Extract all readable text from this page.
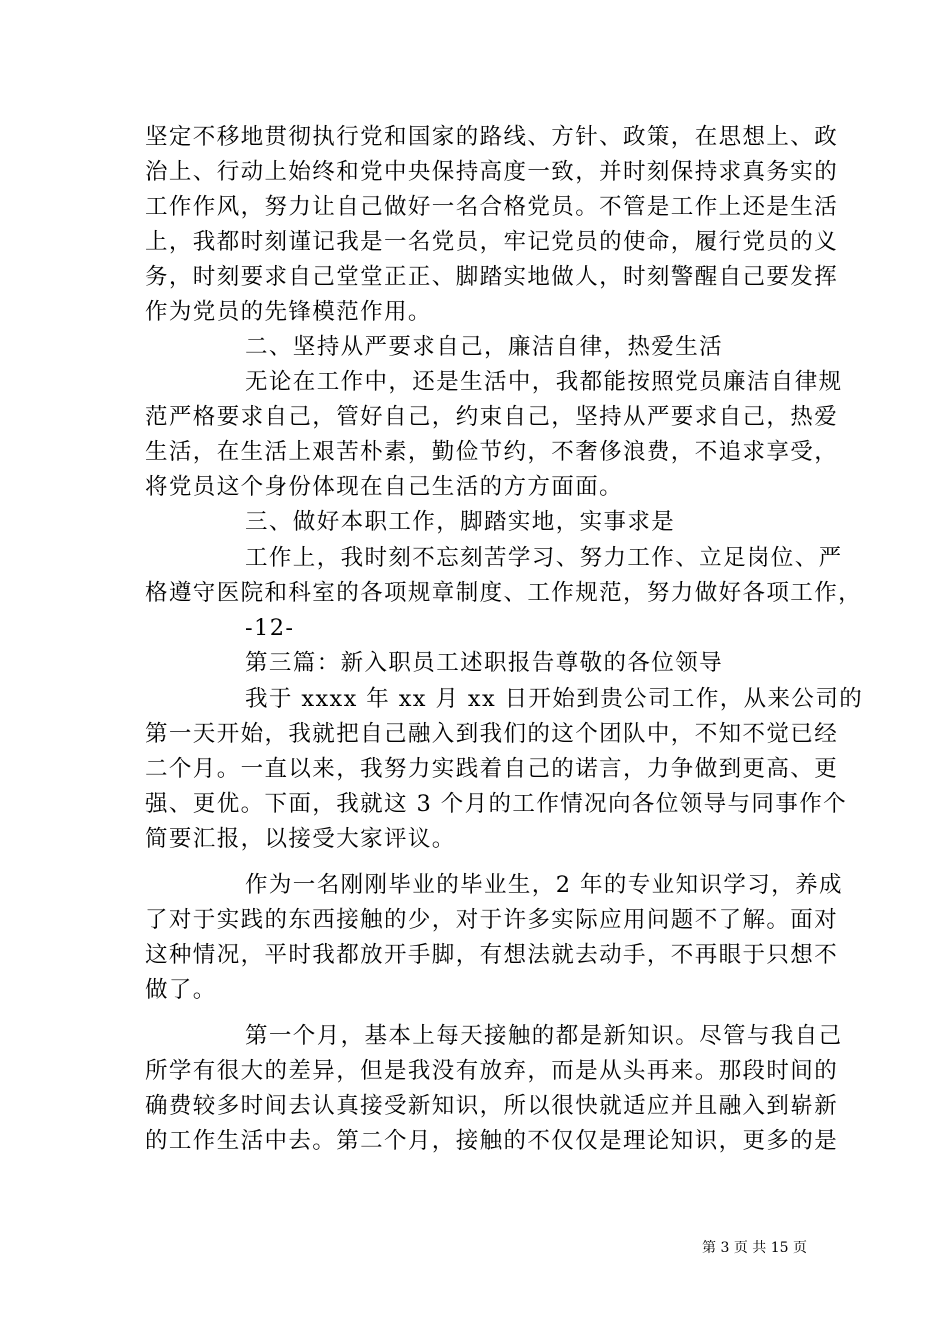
坚定不移地贯彻执行党和国家的路线、方针、政策，在思想上、政
治上、行动上始终和党中央保持高度一致，并时刻保持求真务实的
工作作风，努力让自己做好一名合格党员。不管是工作上还是生活
上，我都时刻谨记我是一名党员，牢记党员的使命，履行党员的义
务，时刻要求自己堂堂正正、脚踏实地做人，时刻警醒自己要发挥
作为党员的先锋模范作用。
二、坚持从严要求自己，廉洁自律，热爱生活
无论在工作中，还是生活中，我都能按照党员廉洁自律规
范严格要求自己，管好自己，约束自己，坚持从严要求自己，热爱
生活，在生活上艰苦朴素，勤俭节约，不奢侈浪费，不追求享受，
将党员这个身份体现在自己生活的方方面面。
三、做好本职工作，脚踏实地，实事求是
工作上，我时刻不忘刻苦学习、努力工作、立足岗位、严
格遵守医院和科室的各项规章制度、工作规范，努力做好各项工作，
-12-
第三篇：新入职员工述职报告尊敬的各位领导
我于 xxxx 年 xx 月 xx 日开始到贵公司工作，从来公司的
第一天开始，我就把自己融入到我们的这个团队中，不知不觉已经
二个月。一直以来，我努力实践着自己的诺言，力争做到更高、更
强、更优。下面，我就这 3 个月的工作情况向各位领导与同事作个
简要汇报，以接受大家评议。
作为一名刚刚毕业的毕业生，2 年的专业知识学习，养成
了对于实践的东西接触的少，对于许多实际应用问题不了解。面对
这种情况，平时我都放开手脚，有想法就去动手，不再眼于只想不
做了。
第一个月，基本上每天接触的都是新知识。尽管与我自己
所学有很大的差异，但是我没有放弃，而是从头再来。那段时间的
确费较多时间去认真接受新知识，所以很快就适应并且融入到崭新
的工作生活中去。第二个月，接触的不仅仅是理论知识，更多的是
第 3 页 共 15 页
